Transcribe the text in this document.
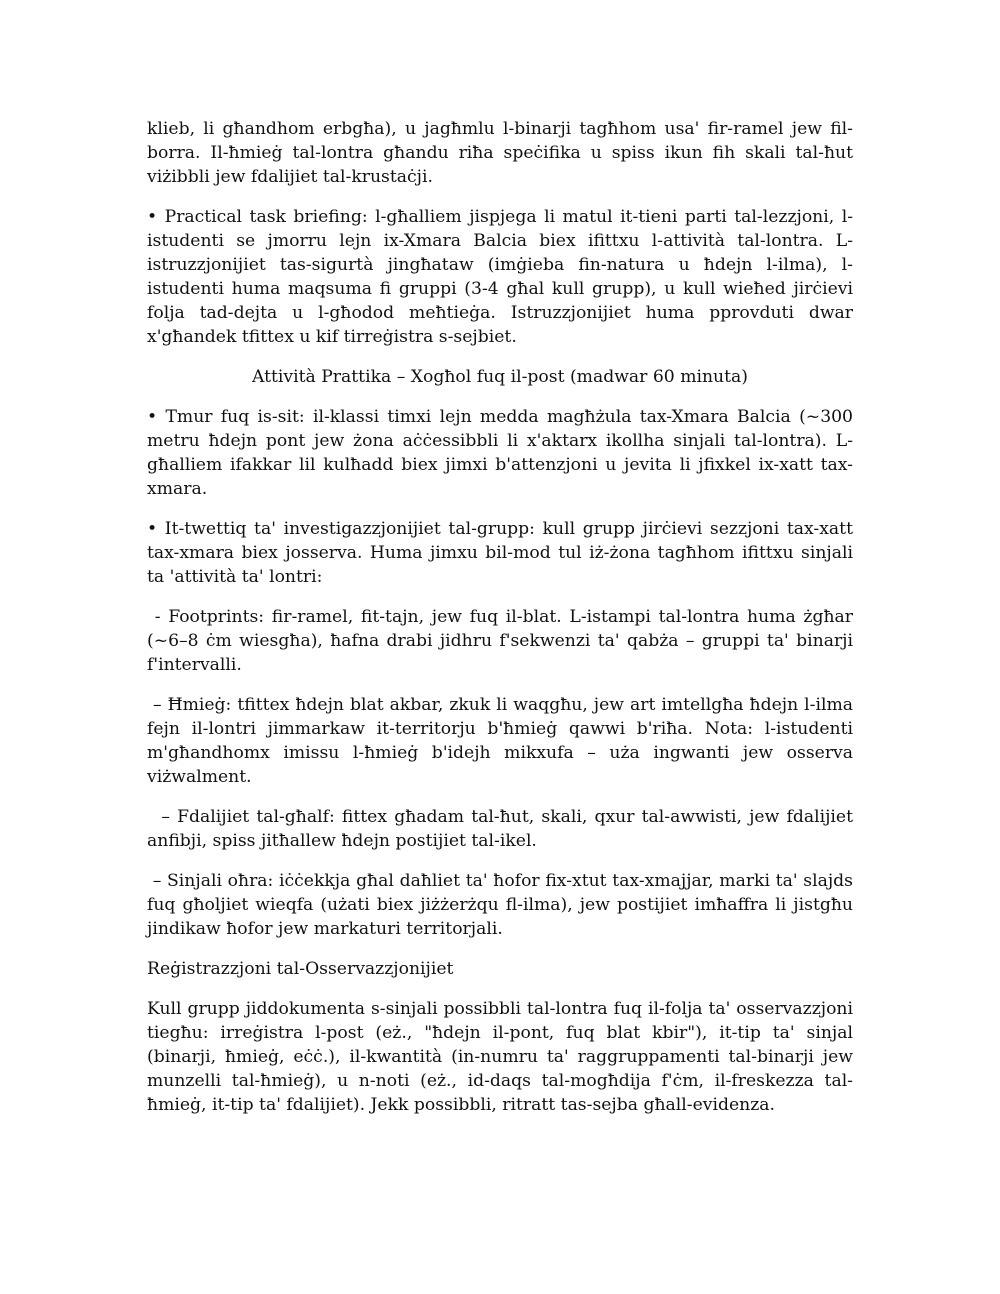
klieb, li għandhom erbgħa), u jagħmlu l-binarji tagħhom usa' fir-ramel jew fil-borra. Il-ħmieġ tal-lontra għandu riħa speċifika u spiss ikun fih skali tal-ħut viżibbli jew fdalijiet tal-krustaċji.

• Practical task briefing: l-għalliem jispjega li matul it-tieni parti tal-lezzjoni, l-istudenti se jmorru lejn ix-Xmara Balcia biex ifittxu l-attività tal-lontra. L-istruzzjonijiet tas-sigurtà jingħataw (imġieba fin-natura u ħdejn l-ilma), l-istudenti huma maqsuma fi gruppi (3-4 għal kull grupp), u kull wieħed jirċievi folja tad-dejta u l-għodod meħtieġa. Istruzzjonijiet huma pprovduti dwar x'għandek tfittex u kif tirreġistra s-sejbiet.

Attività Prattika – Xogħol fuq il-post (madwar 60 minuta)

• Tmur fuq is-sit: il-klassi timxi lejn medda magħżula tax-Xmara Balcia (~300 metru ħdejn pont jew żona aċċessibbli li x'aktarx ikollha sinjali tal-lontra). L-għalliem ifakkar lil kulħadd biex jimxi b'attenzjoni u jevita li jfixkel ix-xatt tax-xmara.

• It-twettiq ta' investigazzjonijiet tal-grupp: kull grupp jirċievi sezzjoni tax-xatt tax-xmara biex josserva. Huma jimxu bil-mod tul iż-żona tagħhom ifittxu sinjali ta 'attività ta' lontri:

- Footprints: fir-ramel, fit-tajn, jew fuq il-blat. L-istampi tal-lontra huma żgħar (~6–8 ċm wiesgħa), ħafna drabi jidhru f'sekwenzi ta' qabża – gruppi ta' binarji f'intervalli.

– Ħmieġ: tfittex ħdejn blat akbar, zkuk li waqgħu, jew art imtellgħa ħdejn l-ilma fejn il-lontri jimmarkaw it-territorju b'ħmieġ qawwi b'riħa. Nota: l-istudenti m'għandhomx imissu l-ħmieġ b'idejh mikxufa – uża ingwanti jew osserva viżwalment.

– Fdalijiet tal-għalf: fittex għadam tal-ħut, skali, qxur tal-awwisti, jew fdalijiet anfibji, spiss jitħallew ħdejn postijiet tal-ikel.

– Sinjali oħra: iċċekkja għal daħliet ta' ħofor fix-xtut tax-xmajjar, marki ta' slajds fuq għoljiet wieqfa (użati biex jiżżerżqu fl-ilma), jew postijiet imħaffra li jistgħu jindikaw ħofor jew markaturi territorjali.

Reġistrazzjoni tal-Osservazzjonijiet

Kull grupp jiddokumenta s-sinjali possibbli tal-lontra fuq il-folja ta' osservazzjoni tiegħu: irreġistra l-post (eż., "ħdejn il-pont, fuq blat kbir"), it-tip ta' sinjal (binarji, ħmieġ, eċċ.), il-kwantità (in-numru ta' raggruppamenti tal-binarji jew munzelli tal-ħmieġ), u n-noti (eż., id-daqs tal-mogħdija f'ċm, il-freskezza tal-ħmieġ, it-tip ta' fdalijiet). Jekk possibbli, ritratt tas-sejba għall-evidenza.
